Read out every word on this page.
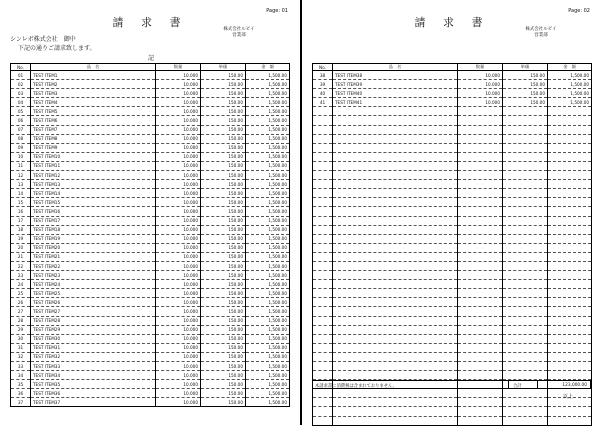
Page: 01
請 求 書
株式会社ルビイ
営業部
シンレボ株式会社　御中
下記の通りご請求致します。
記
No.	品　名	数量	単価	金　額
01	TEST ITEM1	10.000	150.00	1,500.00
02	TEST ITEM2	10.000	150.00	1,500.00
03	TEST ITEM3	10.000	150.00	1,500.00
04	TEST ITEM4	10.000	150.00	1,500.00
05	TEST ITEM5	10.000	150.00	1,500.00
06	TEST ITEM6	10.000	150.00	1,500.00
07	TEST ITEM7	10.000	150.00	1,500.00
08	TEST ITEM8	10.000	150.00	1,500.00
09	TEST ITEM9	10.000	150.00	1,500.00
10	TEST ITEM10	10.000	150.00	1,500.00
11	TEST ITEM11	10.000	150.00	1,500.00
12	TEST ITEM12	10.000	150.00	1,500.00
13	TEST ITEM13	10.000	150.00	1,500.00
14	TEST ITEM14	10.000	150.00	1,500.00
15	TEST ITEM15	10.000	150.00	1,500.00
16	TEST ITEM16	10.000	150.00	1,500.00
17	TEST ITEM17	10.000	150.00	1,500.00
18	TEST ITEM18	10.000	150.00	1,500.00
19	TEST ITEM19	10.000	150.00	1,500.00
20	TEST ITEM20	10.000	150.00	1,500.00
21	TEST ITEM21	10.000	150.00	1,500.00
22	TEST ITEM22	10.000	150.00	1,500.00
23	TEST ITEM23	10.000	150.00	1,500.00
24	TEST ITEM24	10.000	150.00	1,500.00
25	TEST ITEM25	10.000	150.00	1,500.00
26	TEST ITEM26	10.000	150.00	1,500.00
27	TEST ITEM27	10.000	150.00	1,500.00
28	TEST ITEM28	10.000	150.00	1,500.00
29	TEST ITEM29	10.000	150.00	1,500.00
30	TEST ITEM30	10.000	150.00	1,500.00
31	TEST ITEM31	10.000	150.00	1,500.00
32	TEST ITEM32	10.000	150.00	1,500.00
33	TEST ITEM33	10.000	150.00	1,500.00
34	TEST ITEM34	10.000	150.00	1,500.00
35	TEST ITEM35	10.000	150.00	1,500.00
36	TEST ITEM36	10.000	150.00	1,500.00
37	TEST ITEM37	10.000	150.00	1,500.00
Page: 02
請 求 書
株式会社ルビイ
営業部
No.	品　名	数量	単価	金　額
38	TEST ITEM38	10.000	150.00	1,500.00
39	TEST ITEM39	10.000	150.00	1,500.00
40	TEST ITEM40	10.000	150.00	1,500.00
41	TEST ITEM41	10.000	150.00	1,500.00

本請求書に消費税は含まれておりません。	合計	123,000.00
以上
